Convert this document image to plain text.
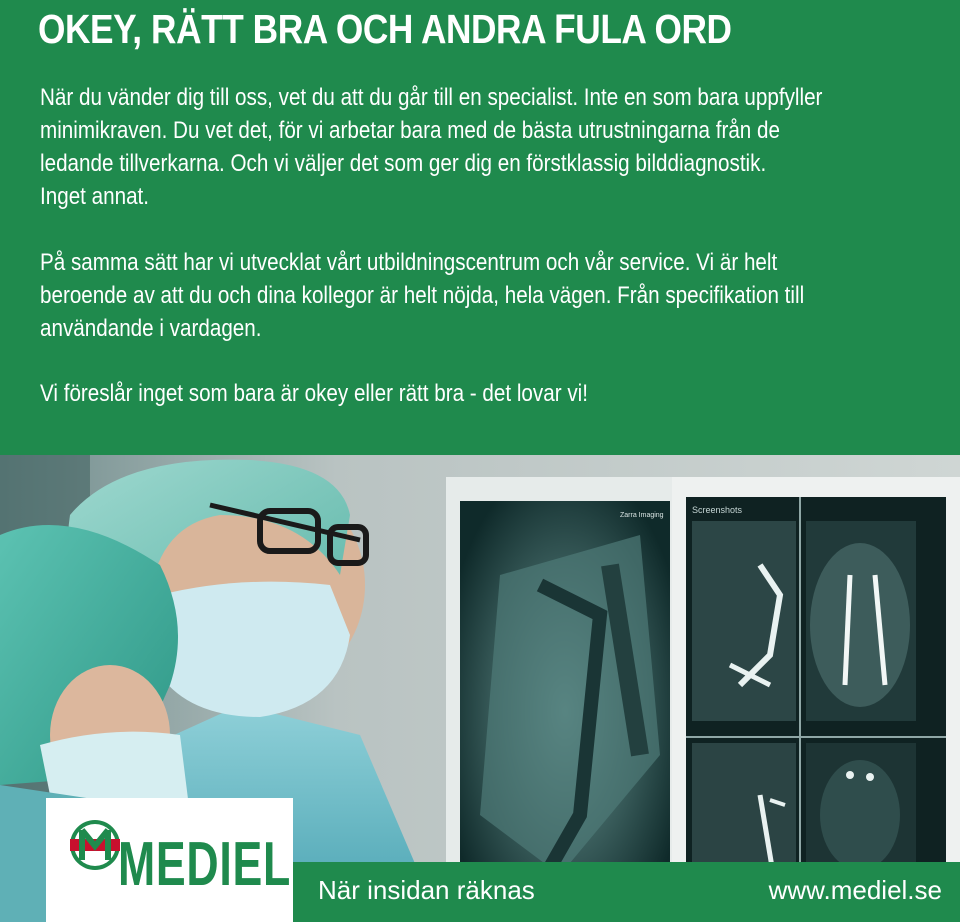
OKEY, RÄTT BRA OCH ANDRA FULA ORD
När du vänder dig till oss, vet du att du går till en specialist. Inte en som bara uppfyller
minimikraven. Du vet det, för vi arbetar bara med de bästa utrustningarna från de
ledande tillverkarna. Och vi väljer det som ger dig en förstklassig bilddiagnostik.
Inget annat.
På samma sätt har vi utvecklat vårt utbildningscentrum och vår service. Vi är helt
beroende av att du och dina kollegor är helt nöjda, hela vägen. Från specifikation till
användande i vardagen.
Vi föreslår inget som bara är okey eller rätt bra - det lovar vi!
Zarra Imaging
Screenshots
MEDIEL När insidan räknas	www.mediel.se
